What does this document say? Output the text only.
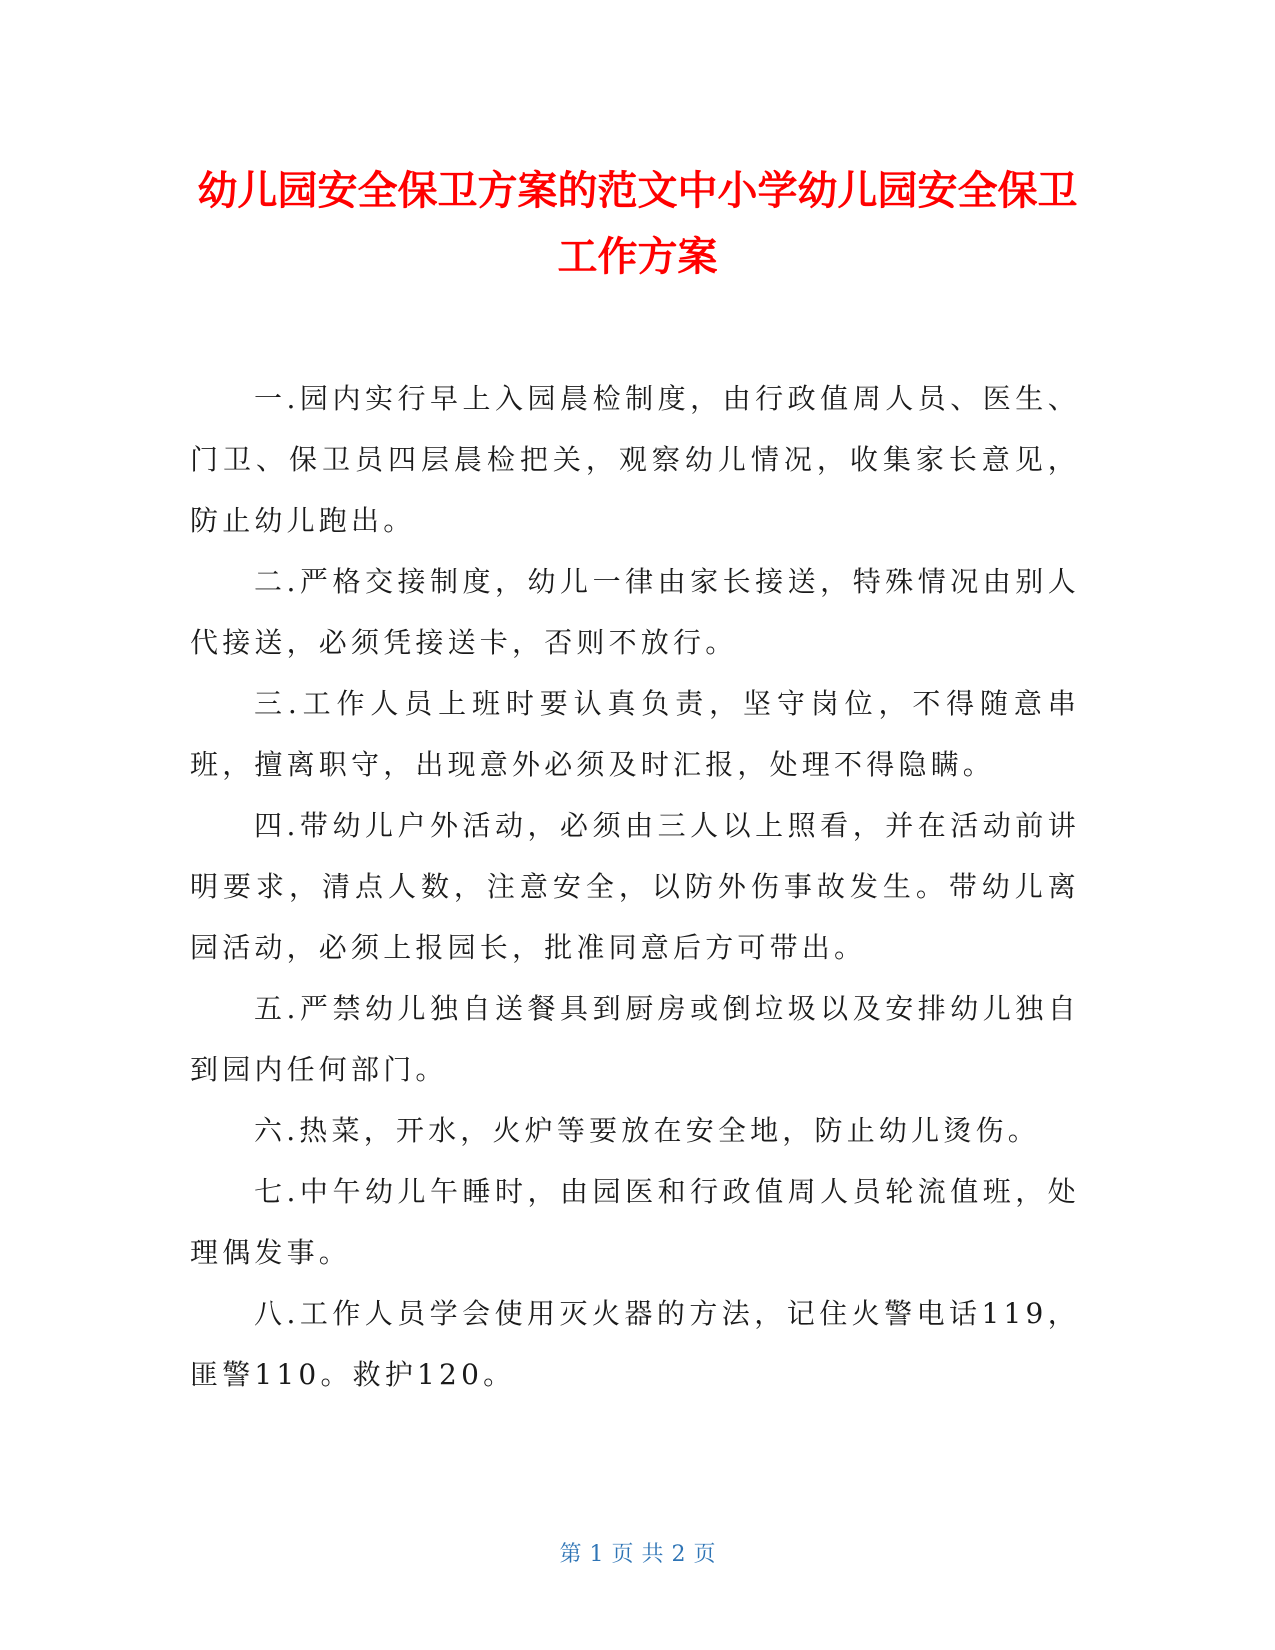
幼儿园安全保卫方案的范文中小学幼儿园安全保卫工作方案

一.园内实行早上入园晨检制度，由行政值周人员、医生、门卫、保卫员四层晨检把关，观察幼儿情况，收集家长意见，防止幼儿跑出。

二.严格交接制度，幼儿一律由家长接送，特殊情况由别人代接送，必须凭接送卡，否则不放行。

三.工作人员上班时要认真负责，坚守岗位，不得随意串班，擅离职守，出现意外必须及时汇报，处理不得隐瞒。

四.带幼儿户外活动，必须由三人以上照看，并在活动前讲明要求，清点人数，注意安全，以防外伤事故发生。带幼儿离园活动，必须上报园长，批准同意后方可带出。

五.严禁幼儿独自送餐具到厨房或倒垃圾以及安排幼儿独自到园内任何部门。

六.热菜，开水，火炉等要放在安全地，防止幼儿烫伤。

七.中午幼儿午睡时，由园医和行政值周人员轮流值班，处理偶发事。

八.工作人员学会使用灭火器的方法，记住火警电话119，匪警110。救护120。

第 1 页 共 2 页
